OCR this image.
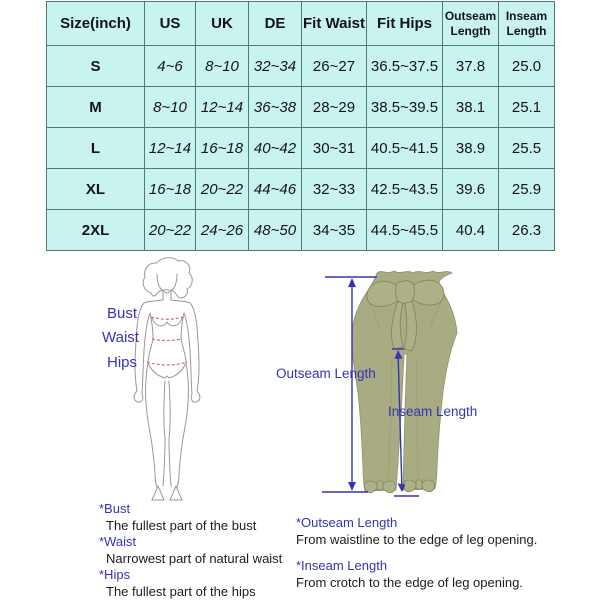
Size(inch)	US	UK	DE	Fit Waist	Fit Hips	Outseam Length	Inseam Length
S	4~6	8~10	32~34	26~27	36.5~37.5	37.8	25.0
M	8~10	12~14	36~38	28~29	38.5~39.5	38.1	25.1
L	12~14	16~18	40~42	30~31	40.5~41.5	38.9	25.5
XL	16~18	20~22	44~46	32~33	42.5~43.5	39.6	25.9
2XL	20~22	24~26	48~50	34~35	44.5~45.5	40.4	26.3
Bust
Waist
Hips
Outseam Length
Inseam Length
*Bust
The fullest part of the bust
*Waist
Narrowest part of natural waist
*Hips
The fullest part of the hips
*Outseam Length
From waistline to the edge of leg opening.
*Inseam Length
From crotch to the edge of leg opening.
